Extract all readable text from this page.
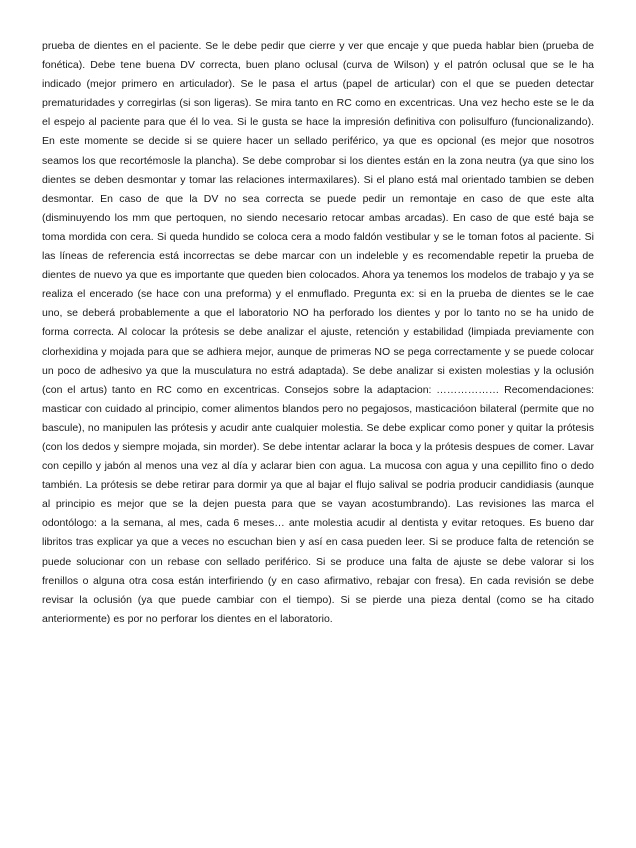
prueba de dientes en el paciente. Se le debe pedir que cierre y ver que encaje y que pueda hablar bien (prueba de fonética). Debe tene buena DV correcta, buen plano oclusal (curva de Wilson) y el patrón oclusal que se le ha indicado (mejor primero en articulador). Se le pasa el artus (papel de articular) con el que se pueden detectar prematuridades y corregirlas (si son ligeras). Se mira tanto en RC como en excentricas. Una vez hecho este se le da el espejo al paciente para que él lo vea. Si le gusta se hace la impresión definitiva con polisulfuro (funcionalizando). En este momente se decide si se quiere hacer un sellado periférico, ya que es opcional (es mejor que nosotros seamos los que recortémosle la plancha). Se debe comprobar si los dientes están en la zona neutra (ya que sino los dientes se deben desmontar y tomar las relaciones intermaxilares). Si el plano está mal orientado tambien se deben desmontar. En caso de que la DV no sea correcta se puede pedir un remontaje en caso de que este alta (disminuyendo los mm que pertoquen, no siendo necesario retocar ambas arcadas). En caso de que esté baja se toma mordida con cera. Si queda hundido se coloca cera a modo faldón vestibular y se le toman fotos al paciente. Si las líneas de referencia está incorrectas se debe marcar con un indeleble y es recomendable repetir la prueba de dientes de nuevo ya que es importante que queden bien colocados. Ahora ya tenemos los modelos de trabajo y ya se realiza el encerado (se hace con una preforma) y el enmuflado. Pregunta ex: si en la prueba de dientes se le cae uno, se deberá probablemente a que el laboratorio NO ha perforado los dientes y por lo tanto no se ha unido de forma correcta. Al colocar la prótesis se debe analizar el ajuste, retención y estabilidad (limpiada previamente con clorhexidina y mojada para que se adhiera mejor, aunque de primeras NO se pega correctamente y se puede colocar un poco de adhesivo ya que la musculatura no estrá adaptada). Se debe analizar si existen molestias y la oclusión (con el artus) tanto en RC como en excentricas. Consejos sobre la adaptacion: ……………… Recomendaciones: masticar con cuidado al principio, comer alimentos blandos pero no pegajosos, masticacióon bilateral (permite que no bascule), no manipulen las prótesis y acudir ante cualquier molestia. Se debe explicar como poner y quitar la prótesis (con los dedos y siempre mojada, sin morder). Se debe intentar aclarar la boca y la prótesis despues de comer. Lavar con cepillo y jabón al menos una vez al día y aclarar bien con agua. La mucosa con agua y una cepillito fino o dedo también. La prótesis se debe retirar para dormir ya que al bajar el flujo salival se podria producir candidiasis (aunque al principio es mejor que se la dejen puesta para que se vayan acostumbrando). Las revisiones las marca el odontólogo: a la semana, al mes, cada 6 meses… ante molestia acudir al dentista y evitar retoques. Es bueno dar libritos tras explicar ya que a veces no escuchan bien y así en casa pueden leer. Si se produce falta de retención se puede solucionar con un rebase con sellado periférico. Si se produce una falta de ajuste se debe valorar si los frenillos o alguna otra cosa están interfiriendo (y en caso afirmativo, rebajar con fresa). En cada revisión se debe revisar la oclusión (ya que puede cambiar con el tiempo). Si se pierde una pieza dental (como se ha citado anteriormente) es por no perforar los dientes en el laboratorio.
